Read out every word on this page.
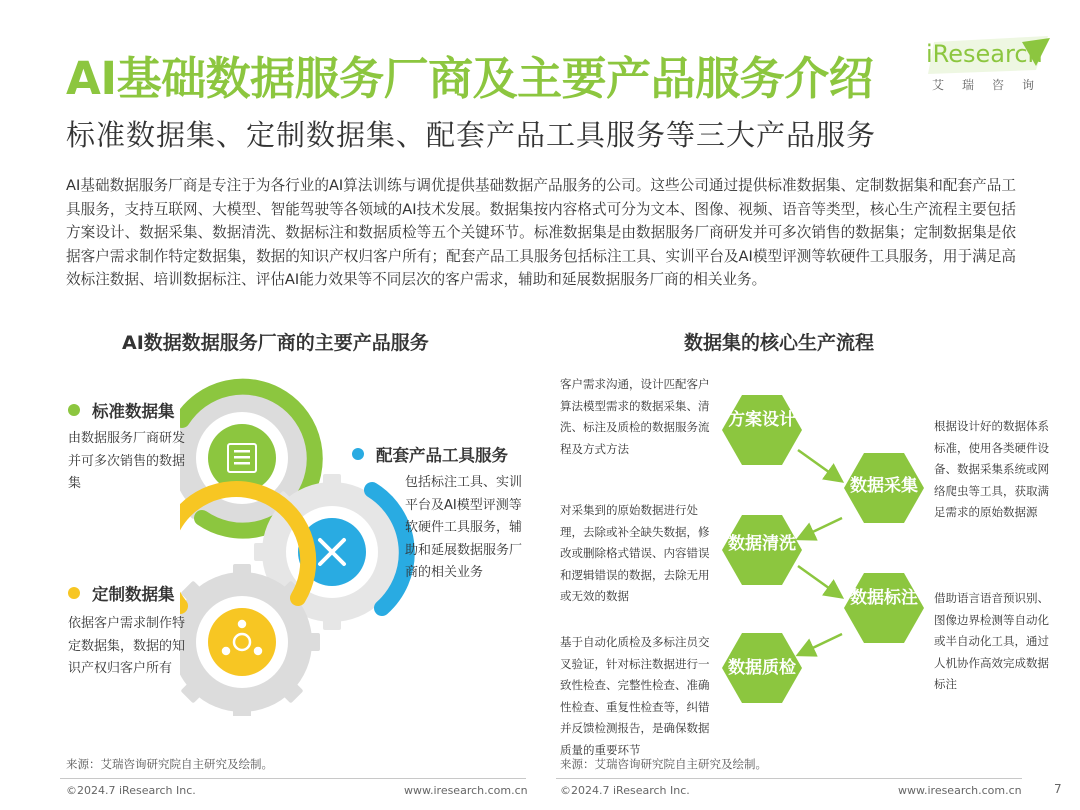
AI基础数据服务厂商及主要产品服务介绍
标准数据集、定制数据集、配套产品工具服务等三大产品服务
iResearch
艾瑞咨询
AI基础数据服务厂商是专注于为各行业的AI算法训练与调优提供基础数据产品服务的公司。这些公司通过提供标准数据集、定制数据集和配套产品工具服务，支持互联网、大模型、智能驾驶等各领域的AI技术发展。数据集按内容格式可分为文本、图像、视频、语音等类型，核心生产流程主要包括方案设计、数据采集、数据清洗、数据标注和数据质检等五个关键环节。标准数据集是由数据服务厂商研发并可多次销售的数据集；定制数据集是依据客户需求制作特定数据集，数据的知识产权归客户所有；配套产品工具服务包括标注工具、实训平台及AI模型评测等软硬件工具服务，用于满足高效标注数据、培训数据标注、评估AI能力效果等不同层次的客户需求，辅助和延展数据服务厂商的相关业务。
AI数据数据服务厂商的主要产品服务
标准数据集
由数据服务厂商研发并可多次销售的数据集
配套产品工具服务
包括标注工具、实训平台及AI模型评测等软硬件工具服务，辅助和延展数据服务厂商的相关业务
定制数据集
依据客户需求制作特定数据集，数据的知识产权归客户所有
数据集的核心生产流程
方案设计
数据采集
数据清洗
数据标注
数据质检
客户需求沟通，设计匹配客户算法模型需求的数据采集、清洗、标注及质检的数据服务流程及方式方法
根据设计好的数据体系标准，使用各类硬件设备、数据采集系统或网络爬虫等工具，获取满足需求的原始数据源
对采集到的原始数据进行处理，去除或补全缺失数据，修改或删除格式错误、内容错误和逻辑错误的数据，去除无用或无效的数据	借助语言语音预识别、图像边界检测等自动化或半自动化工具，通过人机协作高效完成数据标注
基于自动化质检及多标注员交叉验证，针对标注数据进行一致性检查、完整性检查、准确性检查、重复性检查等，纠错并反馈检测报告，是确保数据质量的重要环节
来源：艾瑞咨询研究院自主研究及绘制。	来源：艾瑞咨询研究院自主研究及绘制。
©2024.7 iResearch Inc.	www.iresearch.com.cn	©2024.7 iResearch Inc.	www.iresearch.com.cn	7
